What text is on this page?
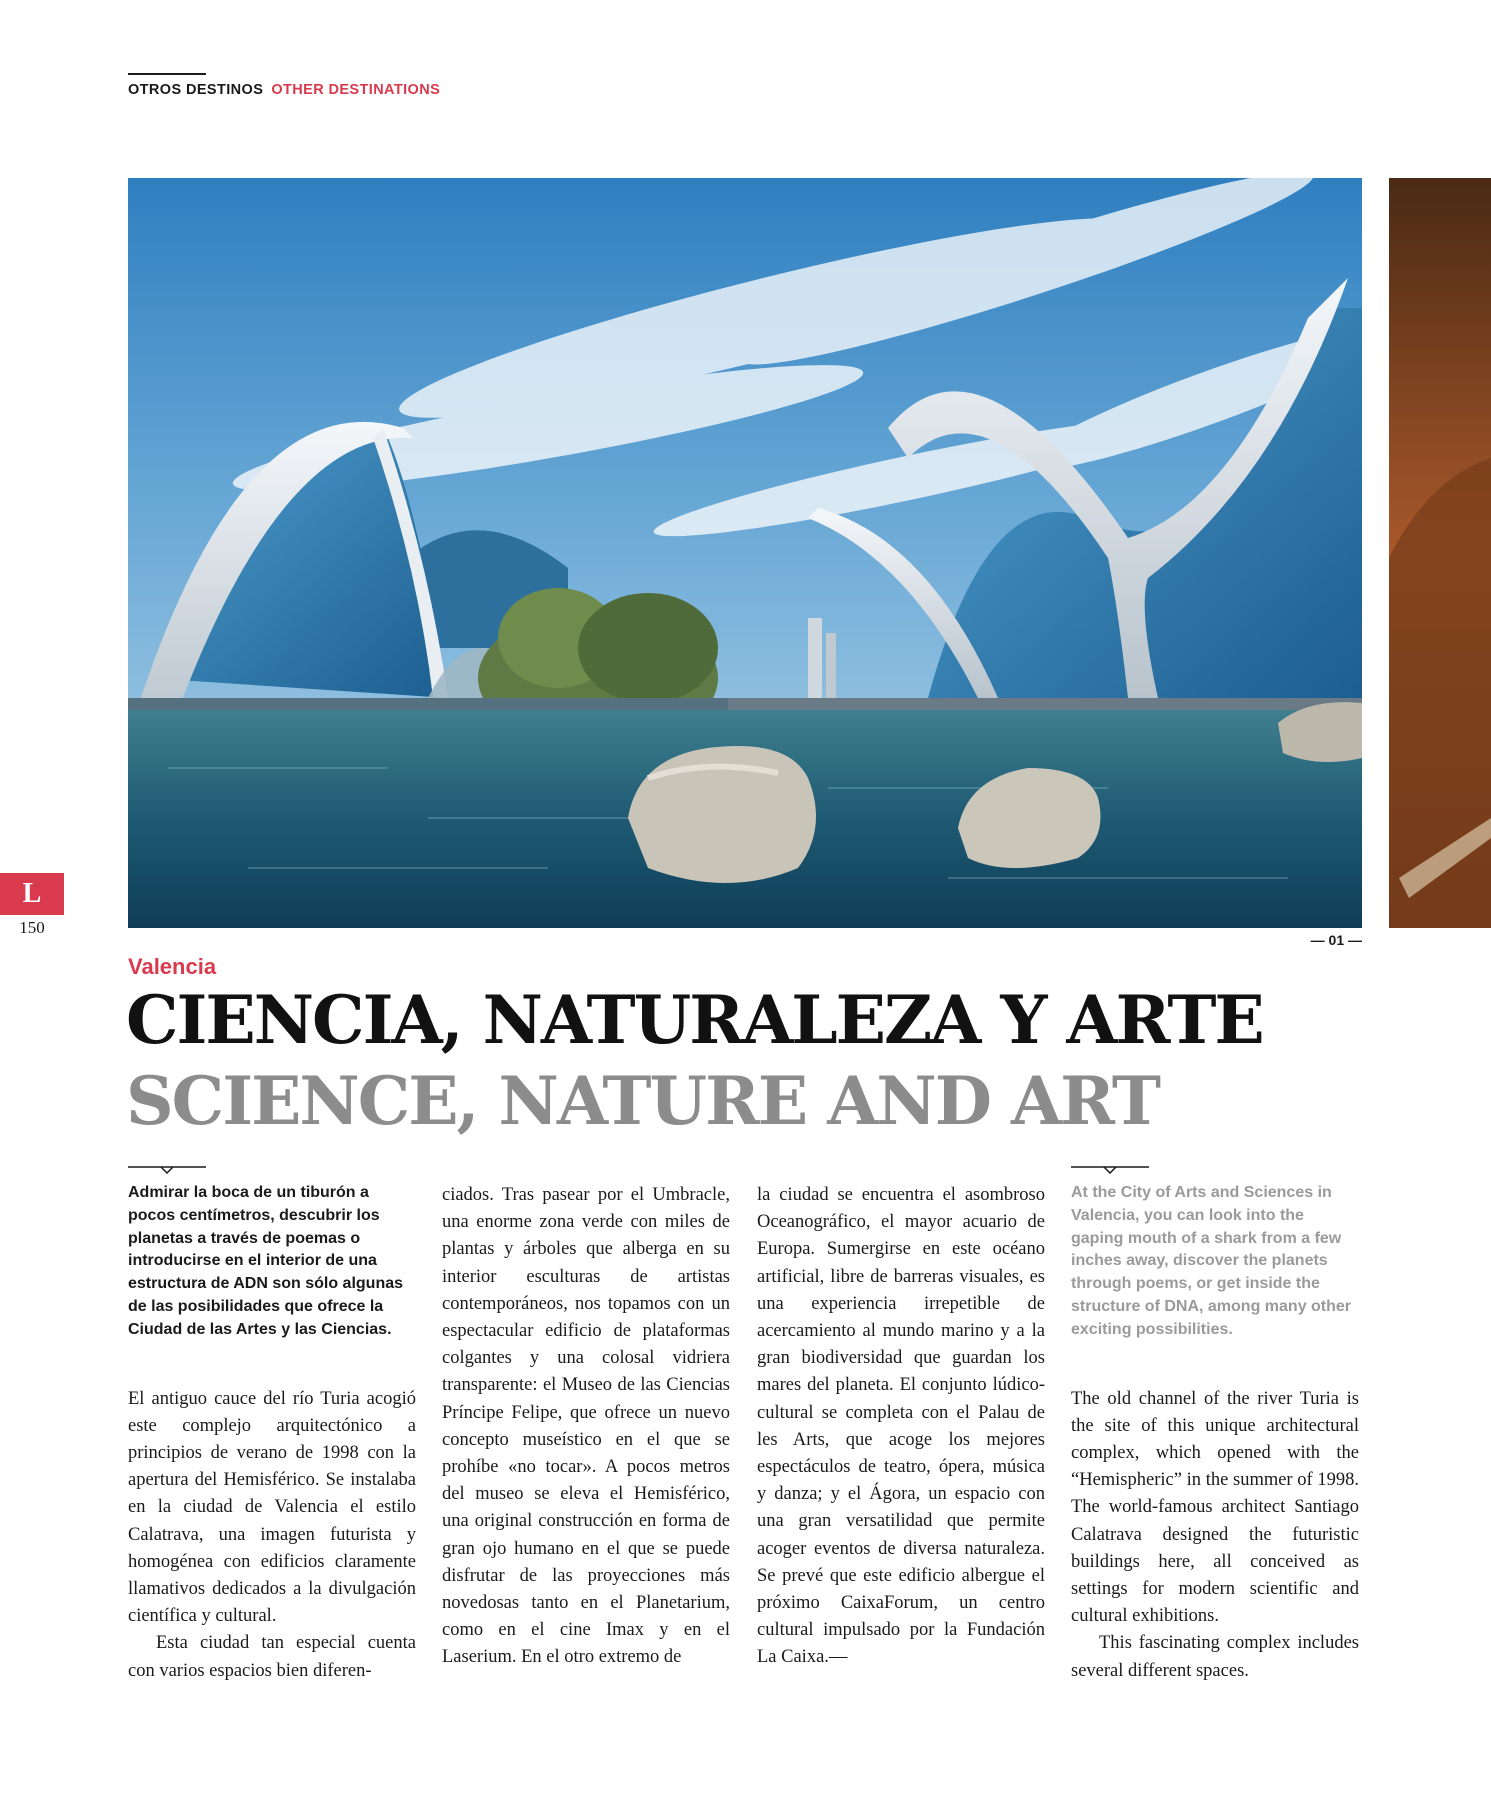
OTROS DESTINOS OTHER DESTINATIONS
L
150
— 01 —
Valencia
CIENCIA, NATURALEZA Y ARTE
SCIENCE, NATURE AND ART

Admirar la boca de un tiburón a pocos centímetros, descubrir los planetas a través de poemas o introducirse en el interior de una estructura de ADN son sólo algunas de las posibilidades que ofrece la Ciudad de las Artes y las Ciencias.

El antiguo cauce del río Turia acogió este complejo arquitectónico a principios de verano de 1998 con la apertura del Hemisférico. Se instalaba en la ciudad de Valencia el estilo Calatrava, una imagen futurista y homogénea con edificios claramente llamativos dedicados a la divulgación científica y cultural.

Esta ciudad tan especial cuenta con varios espacios bien diferen-

ciados. Tras pasear por el Umbracle, una enorme zona verde con miles de plantas y árboles que alberga en su interior esculturas de artistas contemporáneos, nos topamos con un espectacular edificio de plataformas colgantes y una colosal vidriera transparente: el Museo de las Ciencias Príncipe Felipe, que ofrece un nuevo concepto museístico en el que se prohíbe «no tocar». A pocos metros del museo se eleva el Hemisférico, una original construcción en forma de gran ojo humano en el que se puede disfrutar de las proyecciones más novedosas tanto en el Planetarium, como en el cine Imax y en el Laserium. En el otro extremo de

la ciudad se encuentra el asombroso Oceanográfico, el mayor acuario de Europa. Sumergirse en este océano artificial, libre de barreras visuales, es una experiencia irrepetible de acercamiento al mundo marino y a la gran biodiversidad que guardan los mares del planeta. El conjunto lúdico-cultural se completa con el Palau de les Arts, que acoge los mejores espectáculos de teatro, ópera, música y danza; y el Ágora, un espacio con una gran versatilidad que permite acoger eventos de diversa naturaleza. Se prevé que este edificio albergue el próximo CaixaForum, un centro cultural impulsado por la Fundación La Caixa.—

At the City of Arts and Sciences in Valencia, you can look into the gaping mouth of a shark from a few inches away, discover the planets through poems, or get inside the structure of DNA, among many other exciting possibilities.

The old channel of the river Turia is the site of this unique architectural complex, which opened with the “Hemispheric” in the summer of 1998. The world-famous architect Santiago Calatrava designed the futuristic buildings here, all conceived as settings for modern scientific and cultural exhibitions.

This fascinating complex includes several different spaces.
